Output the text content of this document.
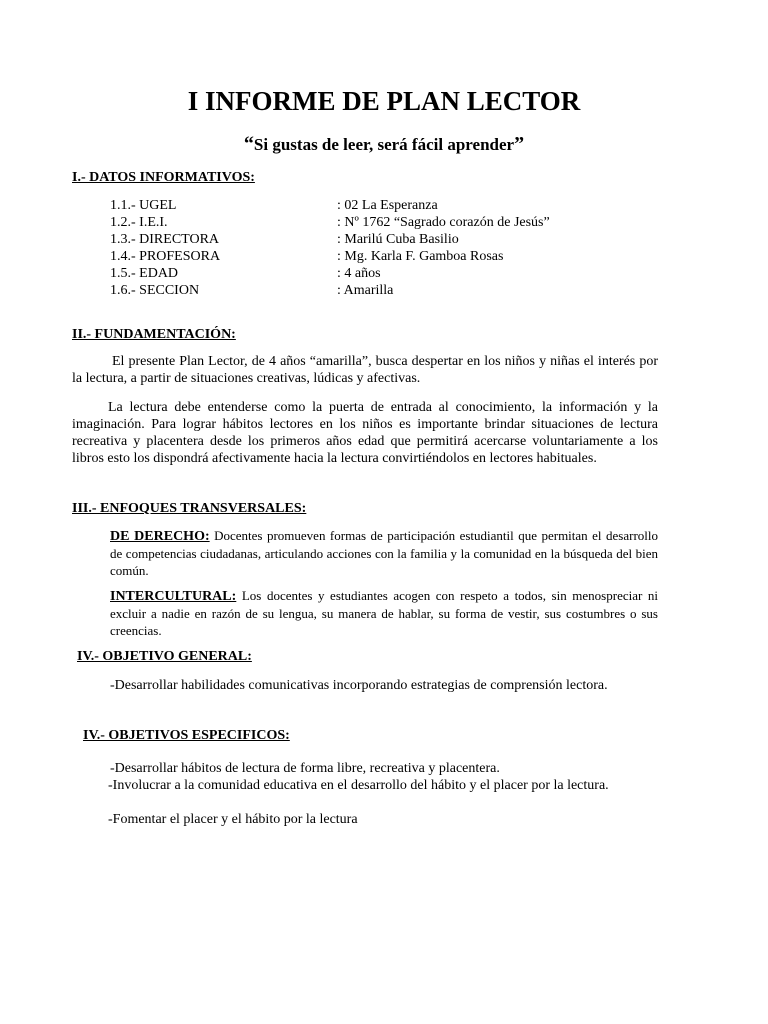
I INFORME DE PLAN LECTOR
“Si gustas de leer, será fácil aprender”
I.- DATOS INFORMATIVOS:
1.1.- UGEL	: 02 La Esperanza
1.2.- I.E.I.	: Nº 1762 “Sagrado corazón de Jesús”
1.3.- DIRECTORA	: Marilú Cuba Basilio
1.4.- PROFESORA	: Mg. Karla F. Gamboa Rosas
1.5.- EDAD	: 4 años
1.6.- SECCION	: Amarilla
II.- FUNDAMENTACIÓN:
El presente Plan Lector, de 4 años “amarilla”, busca despertar en los niños y niñas el interés por la lectura, a partir de situaciones creativas, lúdicas y afectivas.
La lectura debe entenderse como la puerta de entrada al conocimiento, la información y la imaginación. Para lograr hábitos lectores en los niños es importante brindar situaciones de lectura recreativa y placentera desde los primeros años edad que permitirá acercarse voluntariamente a los libros esto los dispondrá afectivamente hacia la lectura convirtiéndolos en lectores habituales.
III.- ENFOQUES TRANSVERSALES:
DE DERECHO: Docentes promueven formas de participación estudiantil que permitan el desarrollo de competencias ciudadanas, articulando acciones con la familia y la comunidad en la búsqueda del bien común.
INTERCULTURAL: Los docentes y estudiantes acogen con respeto a todos, sin menospreciar ni excluir a nadie en razón de su lengua, su manera de hablar, su forma de vestir, sus costumbres o sus creencias.
IV.- OBJETIVO GENERAL:
-Desarrollar habilidades comunicativas incorporando estrategias de comprensión lectora.
IV.- OBJETIVOS ESPECIFICOS:
-Desarrollar hábitos de lectura de forma libre, recreativa y placentera.
-Involucrar a la comunidad educativa en el desarrollo del hábito y el placer por la lectura.
-Fomentar el placer y el hábito por la lectura
